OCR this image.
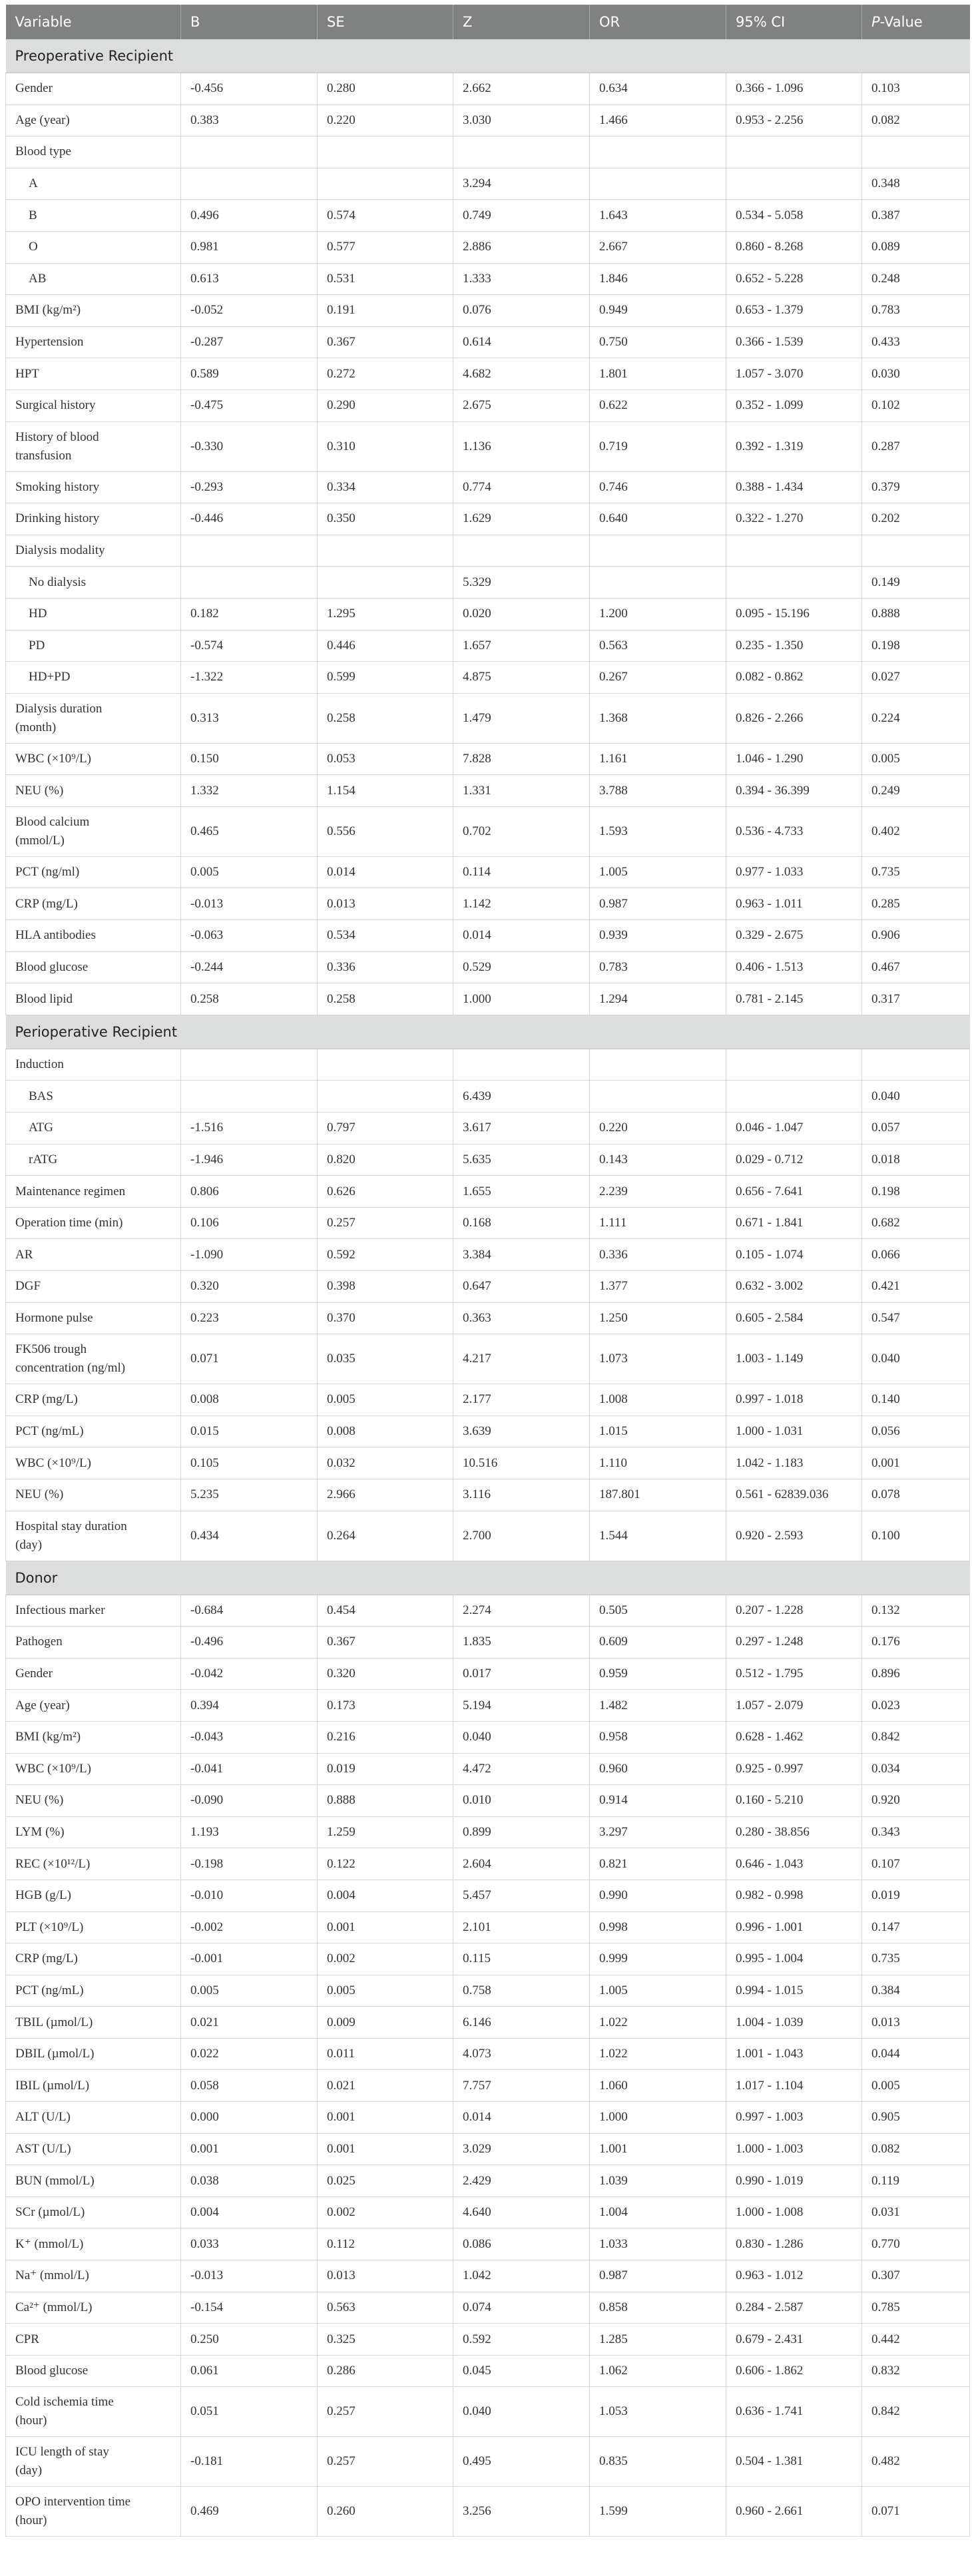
Variable	B	SE	Z	OR	95% CI	P-Value
Preoperative Recipient						
Gender	-0.456	0.280	2.662	0.634	0.366 - 1.096	0.103
Age (year)	0.383	0.220	3.030	1.466	0.953 - 2.256	0.082
Blood type						
A			3.294			0.348
B	0.496	0.574	0.749	1.643	0.534 - 5.058	0.387
O	0.981	0.577	2.886	2.667	0.860 - 8.268	0.089
AB	0.613	0.531	1.333	1.846	0.652 - 5.228	0.248
BMI (kg/m²)	-0.052	0.191	0.076	0.949	0.653 - 1.379	0.783
Hypertension	-0.287	0.367	0.614	0.750	0.366 - 1.539	0.433
HPT	0.589	0.272	4.682	1.801	1.057 - 3.070	0.030
Surgical history	-0.475	0.290	2.675	0.622	0.352 - 1.099	0.102
History of blood
transfusion	-0.330	0.310	1.136	0.719	0.392 - 1.319	0.287
Smoking history	-0.293	0.334	0.774	0.746	0.388 - 1.434	0.379
Drinking history	-0.446	0.350	1.629	0.640	0.322 - 1.270	0.202
Dialysis modality						
No dialysis			5.329			0.149
HD	0.182	1.295	0.020	1.200	0.095 - 15.196	0.888
PD	-0.574	0.446	1.657	0.563	0.235 - 1.350	0.198
HD+PD	-1.322	0.599	4.875	0.267	0.082 - 0.862	0.027
Dialysis duration
(month)	0.313	0.258	1.479	1.368	0.826 - 2.266	0.224
WBC (×10⁹/L)	0.150	0.053	7.828	1.161	1.046 - 1.290	0.005
NEU (%)	1.332	1.154	1.331	3.788	0.394 - 36.399	0.249
Blood calcium
(mmol/L)	0.465	0.556	0.702	1.593	0.536 - 4.733	0.402
PCT (ng/ml)	0.005	0.014	0.114	1.005	0.977 - 1.033	0.735
CRP (mg/L)	-0.013	0.013	1.142	0.987	0.963 - 1.011	0.285
HLA antibodies	-0.063	0.534	0.014	0.939	0.329 - 2.675	0.906
Blood glucose	-0.244	0.336	0.529	0.783	0.406 - 1.513	0.467
Blood lipid	0.258	0.258	1.000	1.294	0.781 - 2.145	0.317
Perioperative Recipient						
Induction						
BAS			6.439			0.040
ATG	-1.516	0.797	3.617	0.220	0.046 - 1.047	0.057
rATG	-1.946	0.820	5.635	0.143	0.029 - 0.712	0.018
Maintenance regimen	0.806	0.626	1.655	2.239	0.656 - 7.641	0.198
Operation time (min)	0.106	0.257	0.168	1.111	0.671 - 1.841	0.682
AR	-1.090	0.592	3.384	0.336	0.105 - 1.074	0.066
DGF	0.320	0.398	0.647	1.377	0.632 - 3.002	0.421
Hormone pulse	0.223	0.370	0.363	1.250	0.605 - 2.584	0.547
FK506 trough
concentration (ng/ml)	0.071	0.035	4.217	1.073	1.003 - 1.149	0.040
CRP (mg/L)	0.008	0.005	2.177	1.008	0.997 - 1.018	0.140
PCT (ng/mL)	0.015	0.008	3.639	1.015	1.000 - 1.031	0.056
WBC (×10⁹/L)	0.105	0.032	10.516	1.110	1.042 - 1.183	0.001
NEU (%)	5.235	2.966	3.116	187.801	0.561 - 62839.036	0.078
Hospital stay duration
(day)	0.434	0.264	2.700	1.544	0.920 - 2.593	0.100
Donor						
Infectious marker	-0.684	0.454	2.274	0.505	0.207 - 1.228	0.132
Pathogen	-0.496	0.367	1.835	0.609	0.297 - 1.248	0.176
Gender	-0.042	0.320	0.017	0.959	0.512 - 1.795	0.896
Age (year)	0.394	0.173	5.194	1.482	1.057 - 2.079	0.023
BMI (kg/m²)	-0.043	0.216	0.040	0.958	0.628 - 1.462	0.842
WBC (×10⁹/L)	-0.041	0.019	4.472	0.960	0.925 - 0.997	0.034
NEU (%)	-0.090	0.888	0.010	0.914	0.160 - 5.210	0.920
LYM (%)	1.193	1.259	0.899	3.297	0.280 - 38.856	0.343
REC (×10¹²/L)	-0.198	0.122	2.604	0.821	0.646 - 1.043	0.107
HGB (g/L)	-0.010	0.004	5.457	0.990	0.982 - 0.998	0.019
PLT (×10⁹/L)	-0.002	0.001	2.101	0.998	0.996 - 1.001	0.147
CRP (mg/L)	-0.001	0.002	0.115	0.999	0.995 - 1.004	0.735
PCT (ng/mL)	0.005	0.005	0.758	1.005	0.994 - 1.015	0.384
TBIL (µmol/L)	0.021	0.009	6.146	1.022	1.004 - 1.039	0.013
DBIL (µmol/L)	0.022	0.011	4.073	1.022	1.001 - 1.043	0.044
IBIL (µmol/L)	0.058	0.021	7.757	1.060	1.017 - 1.104	0.005
ALT (U/L)	0.000	0.001	0.014	1.000	0.997 - 1.003	0.905
AST (U/L)	0.001	0.001	3.029	1.001	1.000 - 1.003	0.082
BUN (mmol/L)	0.038	0.025	2.429	1.039	0.990 - 1.019	0.119
SCr (µmol/L)	0.004	0.002	4.640	1.004	1.000 - 1.008	0.031
K⁺ (mmol/L)	0.033	0.112	0.086	1.033	0.830 - 1.286	0.770
Na⁺ (mmol/L)	-0.013	0.013	1.042	0.987	0.963 - 1.012	0.307
Ca²⁺ (mmol/L)	-0.154	0.563	0.074	0.858	0.284 - 2.587	0.785
CPR	0.250	0.325	0.592	1.285	0.679 - 2.431	0.442
Blood glucose	0.061	0.286	0.045	1.062	0.606 - 1.862	0.832
Cold ischemia time
(hour)	0.051	0.257	0.040	1.053	0.636 - 1.741	0.842
ICU length of stay
(day)	-0.181	0.257	0.495	0.835	0.504 - 1.381	0.482
OPO intervention time
(hour)	0.469	0.260	3.256	1.599	0.960 - 2.661	0.071
